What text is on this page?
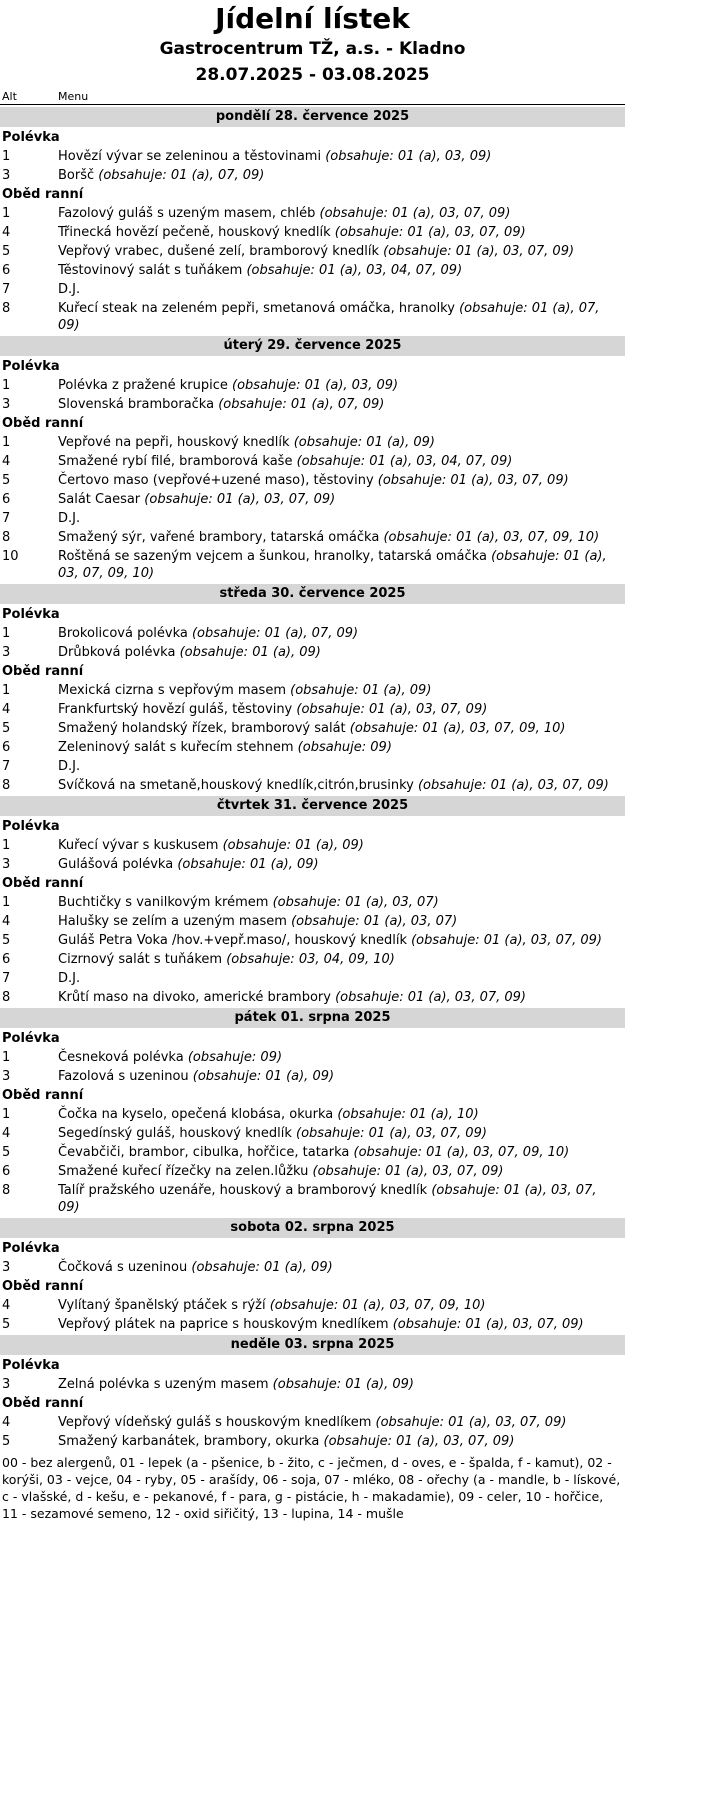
Jídelní lístek
Gastrocentrum TŽ, a.s. - Kladno
28.07.2025 - 03.08.2025
Alt	Menu
pondělí 28. července 2025
Polévka
1	Hovězí vývar se zeleninou a těstovinami (obsahuje: 01 (a), 03, 09)
3	Boršč (obsahuje: 01 (a), 07, 09)
Oběd ranní
1	Fazolový guláš s uzeným masem, chléb (obsahuje: 01 (a), 03, 07, 09)
4	Třinecká hovězí pečeně, houskový knedlík (obsahuje: 01 (a), 03, 07, 09)
5	Vepřový vrabec, dušené zelí, bramborový knedlík (obsahuje: 01 (a), 03, 07, 09)
6	Těstovinový salát s tuňákem (obsahuje: 01 (a), 03, 04, 07, 09)
7	D.J.
8	Kuřecí steak na zeleném pepři, smetanová omáčka, hranolky (obsahuje: 01 (a), 07, 09)
úterý 29. července 2025
Polévka
1	Polévka z pražené krupice (obsahuje: 01 (a), 03, 09)
3	Slovenská bramboračka (obsahuje: 01 (a), 07, 09)
Oběd ranní
1	Vepřové na pepři, houskový knedlík (obsahuje: 01 (a), 09)
4	Smažené rybí filé, bramborová kaše (obsahuje: 01 (a), 03, 04, 07, 09)
5	Čertovo maso (vepřové+uzené maso), těstoviny (obsahuje: 01 (a), 03, 07, 09)
6	Salát Caesar (obsahuje: 01 (a), 03, 07, 09)
7	D.J.
8	Smažený sýr, vařené brambory, tatarská omáčka (obsahuje: 01 (a), 03, 07, 09, 10)
10	Roštěná se sazeným vejcem a šunkou, hranolky, tatarská omáčka (obsahuje: 01 (a), 03, 07, 09, 10)
středa 30. července 2025
Polévka
1	Brokolicová polévka (obsahuje: 01 (a), 07, 09)
3	Drůbková polévka (obsahuje: 01 (a), 09)
Oběd ranní
1	Mexická cizrna s vepřovým masem (obsahuje: 01 (a), 09)
4	Frankfurtský hovězí guláš, těstoviny (obsahuje: 01 (a), 03, 07, 09)
5	Smažený holandský řízek, bramborový salát (obsahuje: 01 (a), 03, 07, 09, 10)
6	Zeleninový salát s kuřecím stehnem (obsahuje: 09)
7	D.J.
8	Svíčková na smetaně,houskový knedlík,citrón,brusinky (obsahuje: 01 (a), 03, 07, 09)
čtvrtek 31. července 2025
Polévka
1	Kuřecí vývar s kuskusem (obsahuje: 01 (a), 09)
3	Gulášová polévka (obsahuje: 01 (a), 09)
Oběd ranní
1	Buchtičky s vanilkovým krémem (obsahuje: 01 (a), 03, 07)
4	Halušky se zelím a uzeným masem (obsahuje: 01 (a), 03, 07)
5	Guláš Petra Voka /hov.+vepř.maso/, houskový knedlík (obsahuje: 01 (a), 03, 07, 09)
6	Cizrnový salát s tuňákem (obsahuje: 03, 04, 09, 10)
7	D.J.
8	Krůtí maso na divoko, americké brambory (obsahuje: 01 (a), 03, 07, 09)
pátek 01. srpna 2025
Polévka
1	Česneková polévka (obsahuje: 09)
3	Fazolová s uzeninou (obsahuje: 01 (a), 09)
Oběd ranní
1	Čočka na kyselo, opečená klobása, okurka (obsahuje: 01 (a), 10)
4	Segedínský guláš, houskový knedlík (obsahuje: 01 (a), 03, 07, 09)
5	Čevabčiči, brambor, cibulka, hořčice, tatarka (obsahuje: 01 (a), 03, 07, 09, 10)
6	Smažené kuřecí řízečky na zelen.lůžku (obsahuje: 01 (a), 03, 07, 09)
8	Talíř pražského uzenáře, houskový a bramborový knedlík (obsahuje: 01 (a), 03, 07, 09)
sobota 02. srpna 2025
Polévka
3	Čočková s uzeninou (obsahuje: 01 (a), 09)
Oběd ranní
4	Vylítaný španělský ptáček s rýží (obsahuje: 01 (a), 03, 07, 09, 10)
5	Vepřový plátek na paprice s houskovým knedlíkem (obsahuje: 01 (a), 03, 07, 09)
neděle 03. srpna 2025
Polévka
3	Zelná polévka s uzeným masem (obsahuje: 01 (a), 09)
Oběd ranní
4	Vepřový vídeňský guláš s houskovým knedlíkem (obsahuje: 01 (a), 03, 07, 09)
5	Smažený karbanátek, brambory, okurka (obsahuje: 01 (a), 03, 07, 09)
00 - bez alergenů, 01 - lepek (a - pšenice, b - žito, c - ječmen, d - oves, e - špalda, f - kamut), 02 - korýši, 03 - vejce, 04 - ryby, 05 - arašídy, 06 - soja, 07 - mléko, 08 - ořechy (a - mandle, b - lískové, c - vlašské, d - kešu, e - pekanové, f - para, g - pistácie, h - makadamie), 09 - celer, 10 - hořčice, 11 - sezamové semeno, 12 - oxid siřičitý, 13 - lupina, 14 - mušle
